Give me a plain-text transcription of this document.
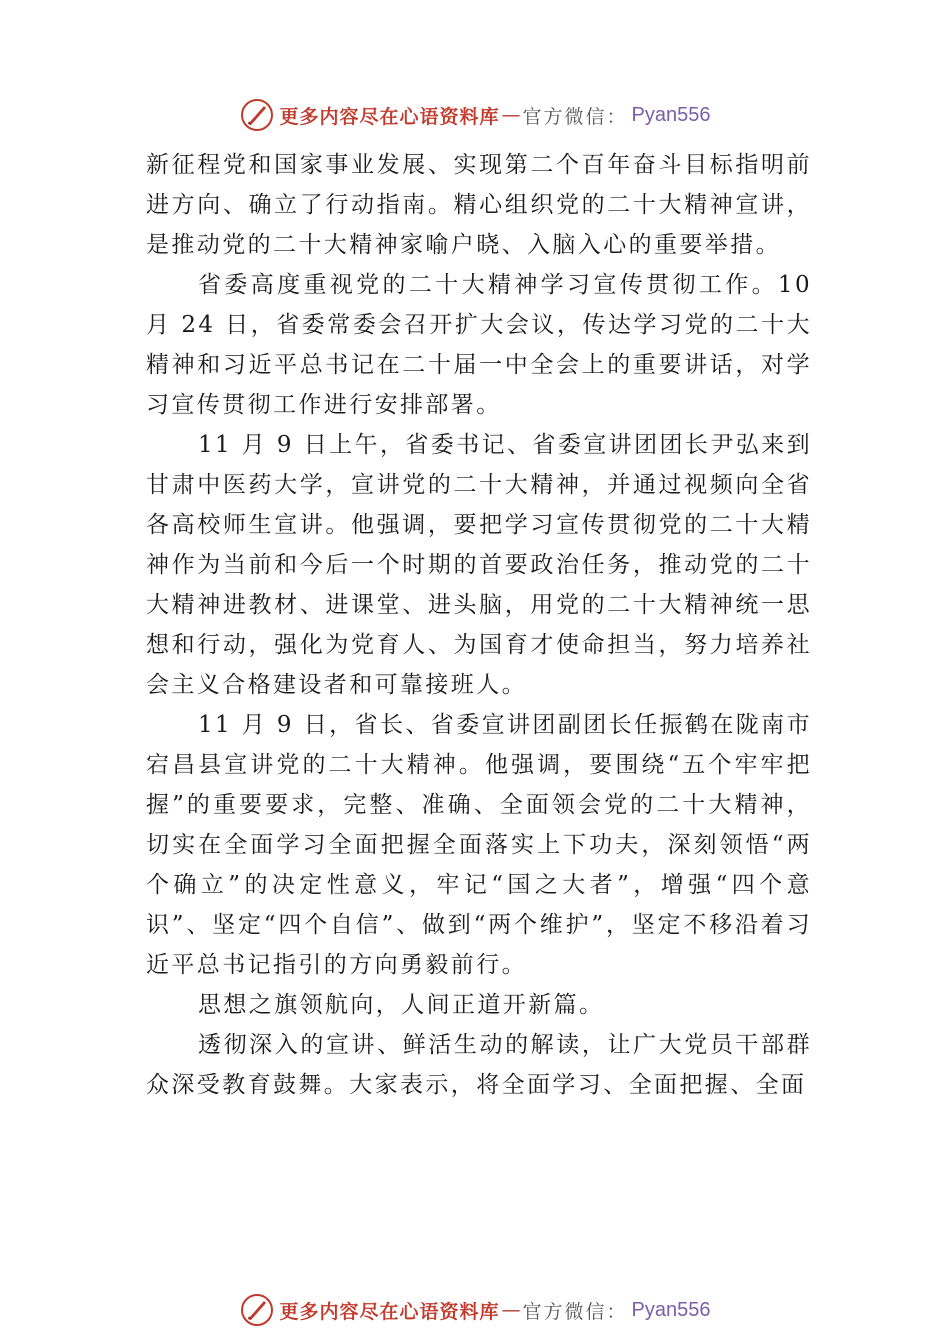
更多内容尽在心语资料库 — 官方微信： Pyan556

新征程党和国家事业发展、实现第二个百年奋斗目标指明前进方向、确立了行动指南。精心组织党的二十大精神宣讲， 是推动党的二十大精神家喻户晓、入脑入心的重要举措。

省委高度重视党的二十大精神学习宣传贯彻工作。10 月 24 日，省委常委会召开扩大会议，传达学习党的二十大精神和习近平总书记在二十届一中全会上的重要讲话，对学习宣传贯彻工作进行安排部署。

11 月 9 日上午，省委书记、省委宣讲团团长尹弘来到甘肃中医药大学，宣讲党的二十大精神，并通过视频向全省各高校师生宣讲。他强调，要把学习宣传贯彻党的二十大精神作为当前和今后一个时期的首要政治任务，推动党的二十大精神进教材、进课堂、进头脑，用党的二十大精神统一思想和行动，强化为党育人、为国育才使命担当，努力培养社会主义合格建设者和可靠接班人。

11 月 9 日，省长、省委宣讲团副团长任振鹤在陇南市宕昌县宣讲党的二十大精神。他强调，要围绕“五个牢牢把握”的重要要求，完整、准确、全面领会党的二十大精神，切实在全面学习全面把握全面落实上下功夫，深刻领悟“两个确立”的决定性意义，牢记“国之大者”，增强“四个意识”、坚定“四个自信”、做到“两个维护”，坚定不移沿着习近平总书记指引的方向勇毅前行。

思想之旗领航向，人间正道开新篇。

透彻深入的宣讲、鲜活生动的解读，让广大党员干部群众深受教育鼓舞。大家表示，将全面学习、全面把握、全面

更多内容尽在心语资料库 — 官方微信： Pyan556
